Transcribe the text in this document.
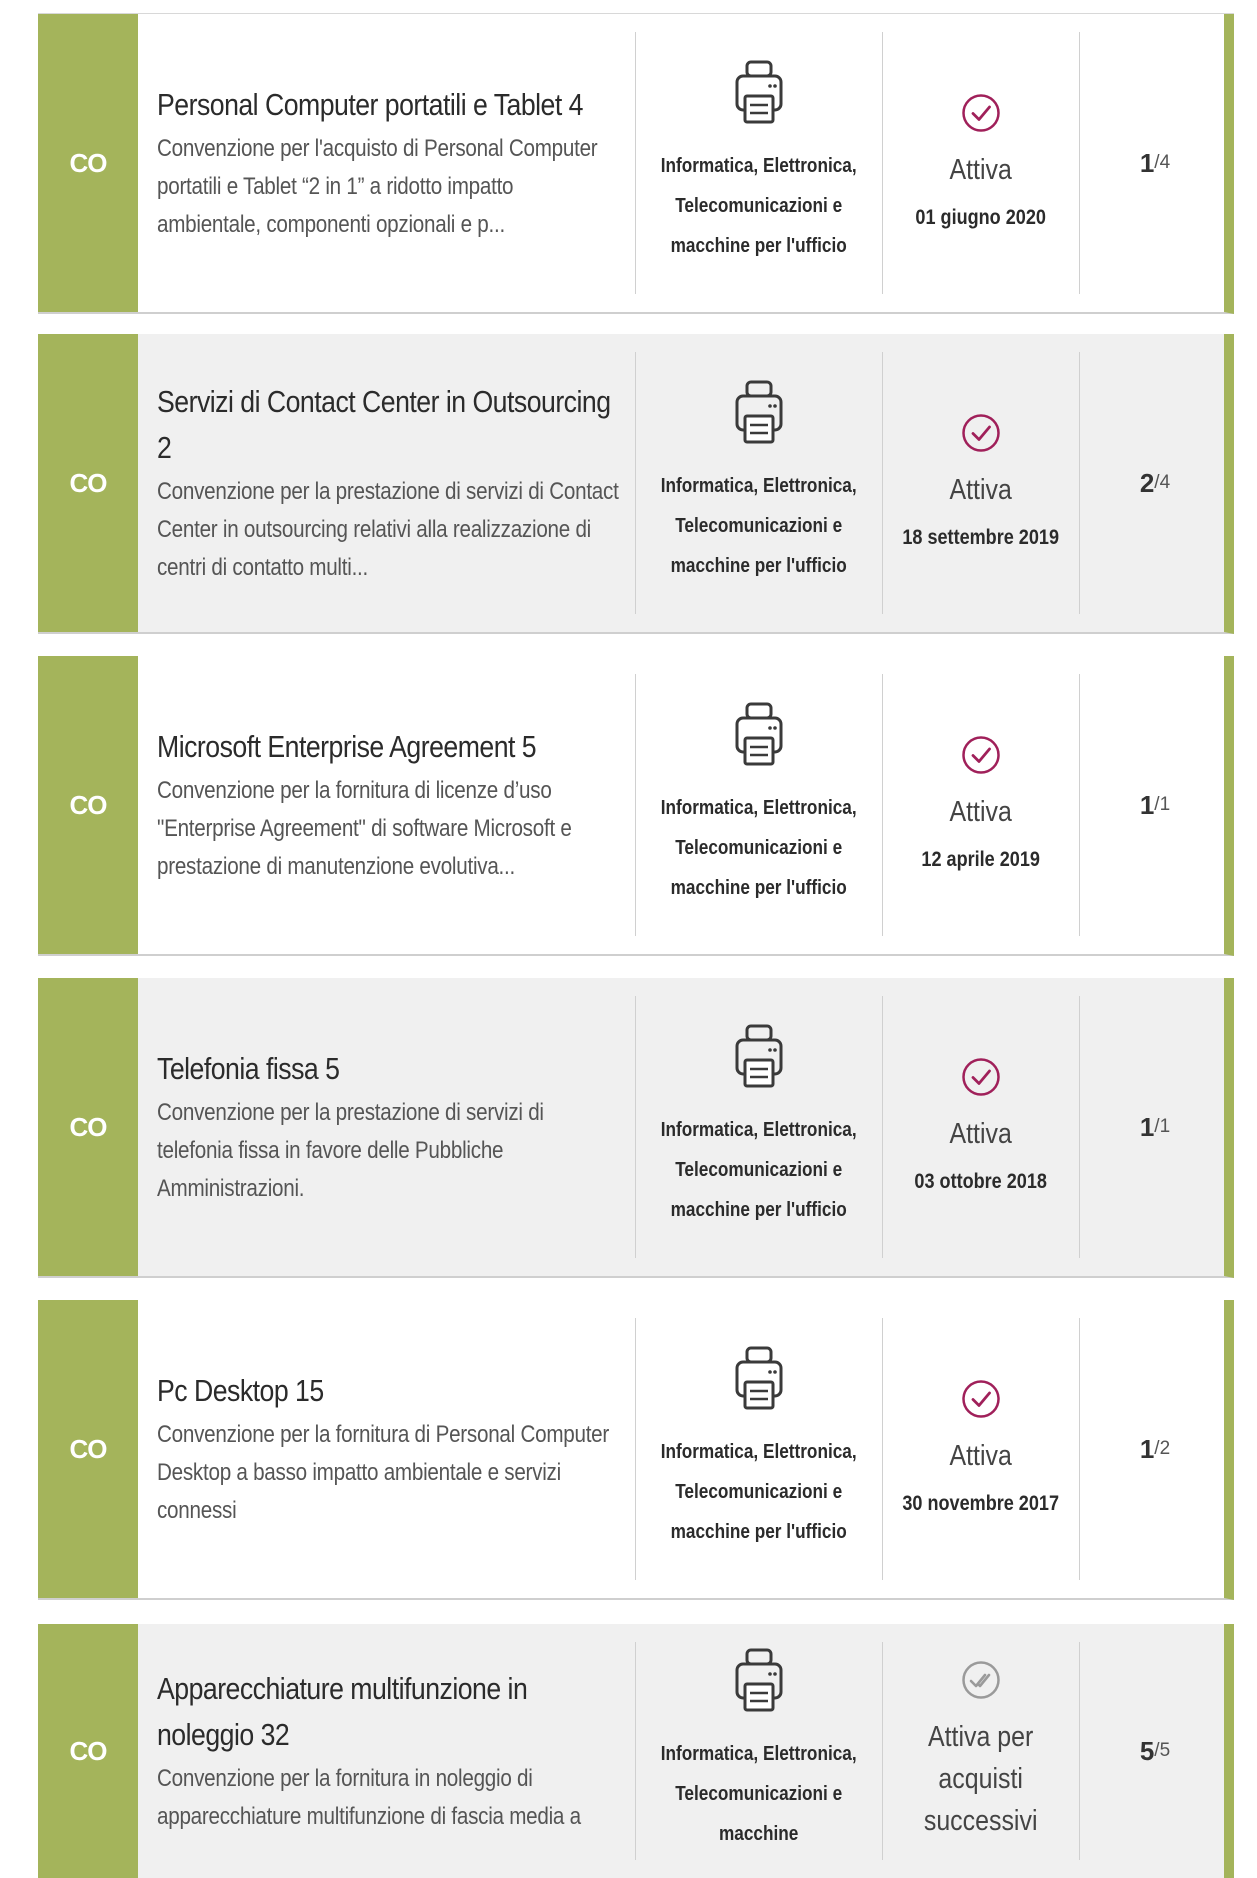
CO
Personal Computer portatili e Tablet 4
Convenzione per l'acquisto di Personal Computer portatili e Tablet “2 in 1” a ridotto impatto ambientale, componenti opzionali e p...
Informatica, Elettronica, Telecomunicazioni e macchine per l'ufficio
Attiva
01 giugno 2020
1 /4
CO
Servizi di Contact Center in Outsourcing 2
Convenzione per la prestazione di servizi di Contact Center in outsourcing relativi alla realizzazione di centri di contatto multi...
Informatica, Elettronica, Telecomunicazioni e macchine per l'ufficio
Attiva
18 settembre 2019
2 /4
CO
Microsoft Enterprise Agreement 5
Convenzione per la fornitura di licenze d’uso "Enterprise Agreement" di software Microsoft e prestazione di manutenzione evolutiva...
Informatica, Elettronica, Telecomunicazioni e macchine per l'ufficio
Attiva
12 aprile 2019
1 /1
CO
Telefonia fissa 5
Convenzione per la prestazione di servizi di telefonia fissa in favore delle Pubbliche Amministrazioni.
Informatica, Elettronica, Telecomunicazioni e macchine per l'ufficio
Attiva
03 ottobre 2018
1 /1
CO
Pc Desktop 15
Convenzione per la fornitura di Personal Computer Desktop a basso impatto ambientale e servizi connessi
Informatica, Elettronica, Telecomunicazioni e macchine per l'ufficio
Attiva
30 novembre 2017
1 /2
CO
Apparecchiature multifunzione in noleggio 32
Convenzione per la fornitura in noleggio di apparecchiature multifunzione di fascia media a
Informatica, Elettronica, Telecomunicazioni e macchine
Attiva per acquisti successivi
5 /5
